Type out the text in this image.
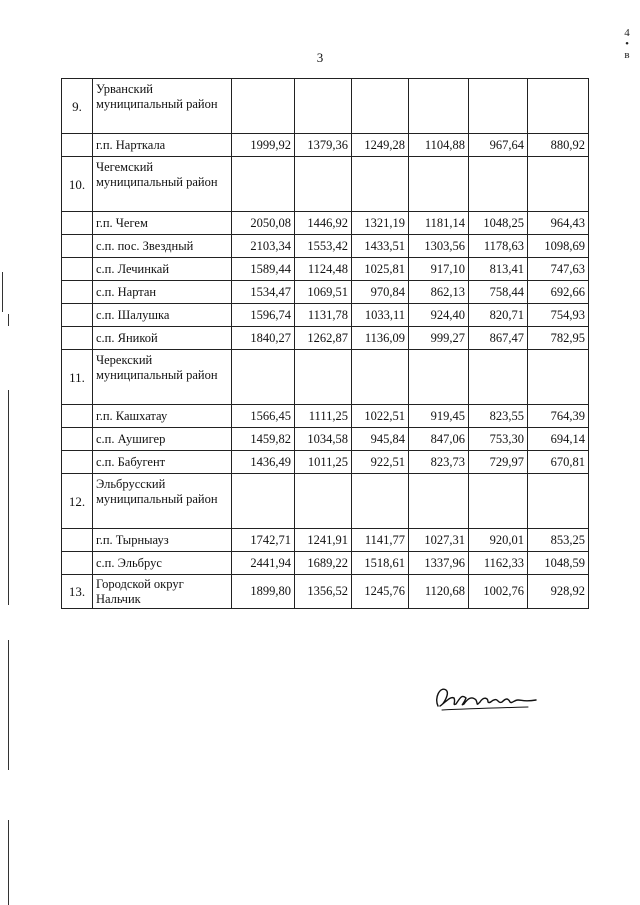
3
4 • в
9.	Урванский муниципальный район						
	г.п. Нарткала	1999,92	1379,36	1249,28	1104,88	967,64	880,92
10.	Чегемский муниципальный район						
	г.п. Чегем	2050,08	1446,92	1321,19	1181,14	1048,25	964,43
	с.п. пос. Звездный	2103,34	1553,42	1433,51	1303,56	1178,63	1098,69
	с.п. Лечинкай	1589,44	1124,48	1025,81	917,10	813,41	747,63
	с.п. Нартан	1534,47	1069,51	970,84	862,13	758,44	692,66
	с.п. Шалушка	1596,74	1131,78	1033,11	924,40	820,71	754,93
	с.п. Яникой	1840,27	1262,87	1136,09	999,27	867,47	782,95
11.	Черекский муниципальный район						
	г.п. Кашхатау	1566,45	1111,25	1022,51	919,45	823,55	764,39
	с.п. Аушигер	1459,82	1034,58	945,84	847,06	753,30	694,14
	с.п. Бабугент	1436,49	1011,25	922,51	823,73	729,97	670,81
12.	Эльбрусский муниципальный район						
	г.п. Тырныауз	1742,71	1241,91	1141,77	1027,31	920,01	853,25
	с.п. Эльбрус	2441,94	1689,22	1518,61	1337,96	1162,33	1048,59
13.	Городской округ Нальчик	1899,80	1356,52	1245,76	1120,68	1002,76	928,92
